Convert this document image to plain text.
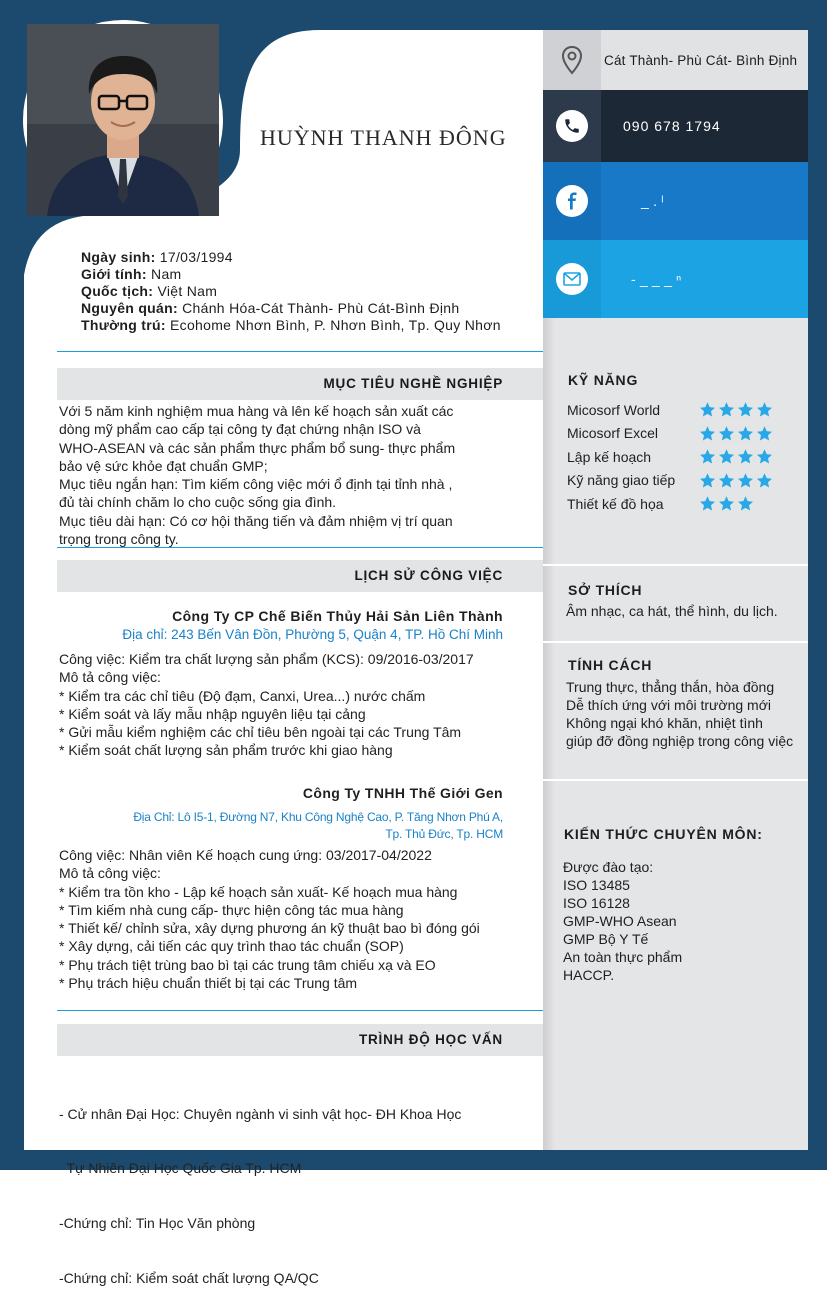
Cát Thành- Phù Cát- Bình Định
090 678 1794
_ . ˡ
- _ _ _ ⁿ
HUỲNH THANH ĐÔNG
Ngày sinh: 17/03/1994
Giới tính: Nam
Quốc tịch: Việt Nam
Nguyên quán: Chánh Hóa-Cát Thành- Phù Cát-Bình Định
Thường trú: Ecohome Nhơn Bình, P. Nhơn Bình, Tp. Quy Nhơn
MỤC TIÊU NGHỀ NGHIỆP
Với 5 năm kinh nghiệm mua hàng và lên kế hoạch sản xuất các
dòng mỹ phẩm cao cấp tại công ty đạt chứng nhận ISO và
WHO-ASEAN và các sản phẩm thực phẩm bổ sung- thực phẩm
bảo vệ sức khỏe đạt chuẩn GMP;
Mục tiêu ngắn hạn: Tìm kiếm công việc mới ổ định tại tỉnh nhà ,
đủ tài chính chăm lo cho cuộc sống gia đình.
Mục tiêu dài hạn: Có cơ hội thăng tiến và đảm nhiệm vị trí quan
trọng trong công ty.
LỊCH SỬ CÔNG VIỆC
Công Ty CP Chế Biến Thủy Hải Sản Liên Thành
Địa chỉ: 243 Bến Vân Đồn, Phường 5, Quận 4, TP. Hồ Chí Minh
Công việc: Kiểm tra chất lượng sản phẩm (KCS): 09/2016-03/2017
Mô tả công việc:
* Kiểm tra các chỉ tiêu (Độ đạm, Canxi, Urea...) nước chấm
* Kiểm soát và lấy mẫu nhập nguyên liệu tại cảng
* Gửi mẫu kiểm nghiệm các chỉ tiêu bên ngoài tại các Trung Tâm
* Kiểm soát chất lượng sản phẩm trước khi giao hàng
Công Ty TNHH Thế Giới Gen
Địa Chỉ: Lô I5-1, Đường N7, Khu Công Nghệ Cao, P. Tăng Nhơn Phú A,
Tp. Thủ Đức, Tp. HCM
Công việc: Nhân viên Kế hoạch cung ứng: 03/2017-04/2022
Mô tả công việc:
* Kiểm tra tồn kho - Lập kế hoạch sản xuất- Kế hoạch mua hàng
* Tìm kiếm nhà cung cấp- thực hiện công tác mua hàng
* Thiết kế/ chỉnh sửa, xây dựng phương án kỹ thuật bao bì đóng gói
* Xây dựng, cải tiến các quy trình thao tác chuẩn (SOP)
* Phụ trách tiệt trùng bao bì tại các trung tâm chiếu xạ và EO
* Phụ trách hiệu chuẩn thiết bị tại các Trung tâm
TRÌNH ĐỘ HỌC VẤN

- Cử nhân Đại Học: Chuyên ngành vi sinh vật học- ĐH Khoa Học

Tự Nhiên Đại Học Quốc Gia Tp. HCM

-Chứng chỉ: Tin Học Văn phòng

-Chứng chỉ: Kiểm soát chất lượng QA/QC

KỸ NĂNG
Micosorf World
Micosorf Excel
Lập kế hoạch
Kỹ năng giao tiếp
Thiết kế đồ họa
SỞ THÍCH
Âm nhạc, ca hát, thể hình, du lịch.
TÍNH CÁCH
Trung thực, thẳng thắn, hòa đồng
Dễ thích ứng với môi trường mới
Không ngại khó khăn, nhiệt tình
giúp đỡ đồng nghiệp trong công việc
KIẾN THỨC CHUYÊN MÔN:
Được đào tạo:
ISO 13485
ISO 16128
GMP-WHO Asean
GMP Bộ Y Tế
An toàn thực phẩm
HACCP.
